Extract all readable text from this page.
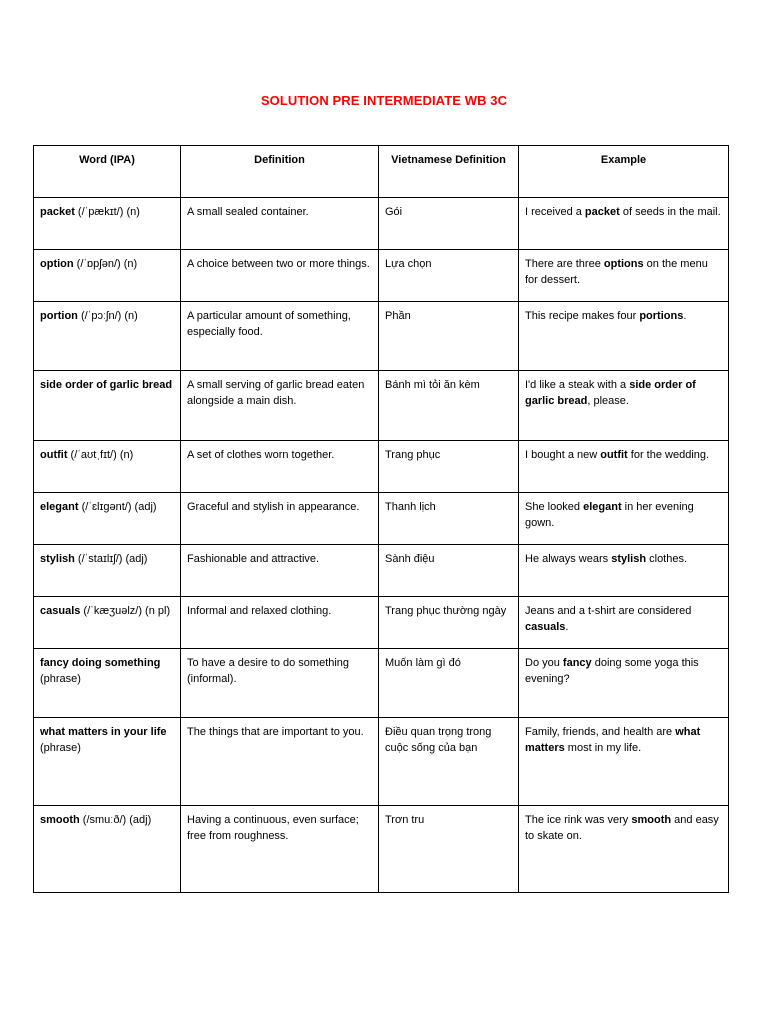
SOLUTION PRE INTERMEDIATE WB 3C
Word (IPA)	Definition	Vietnamese Definition	Example
packet (/ˈpækɪt/) (n)	A small sealed container.	Gói	I received a packet of seeds in the mail.
option (/ˈɒpʃən/) (n)	A choice between two or more things.	Lựa chọn	There are three options on the menu for dessert.
portion (/ˈpɔːʃn/) (n)	A particular amount of something, especially food.	Phần	This recipe makes four portions.
side order of garlic bread	A small serving of garlic bread eaten alongside a main dish.	Bánh mì tỏi ăn kèm	I'd like a steak with a side order of garlic bread, please.
outfit (/ˈaʊtˌfɪt/) (n)	A set of clothes worn together.	Trang phục	I bought a new outfit for the wedding.
elegant (/ˈɛlɪɡənt/) (adj)	Graceful and stylish in appearance.	Thanh lịch	She looked elegant in her evening gown.
stylish (/ˈstaɪlɪʃ/) (adj)	Fashionable and attractive.	Sành điệu	He always wears stylish clothes.
casuals (/ˈkæʒuəlz/) (n pl)	Informal and relaxed clothing.	Trang phục thường ngày	Jeans and a t-shirt are considered casuals.
fancy doing something (phrase)	To have a desire to do something (informal).	Muốn làm gì đó	Do you fancy doing some yoga this evening?
what matters in your life (phrase)	The things that are important to you.	Điều quan trọng trong cuộc sống của bạn	Family, friends, and health are what matters most in my life.
smooth (/smuːð/) (adj)	Having a continuous, even surface; free from roughness.	Trơn tru	The ice rink was very smooth and easy to skate on.
